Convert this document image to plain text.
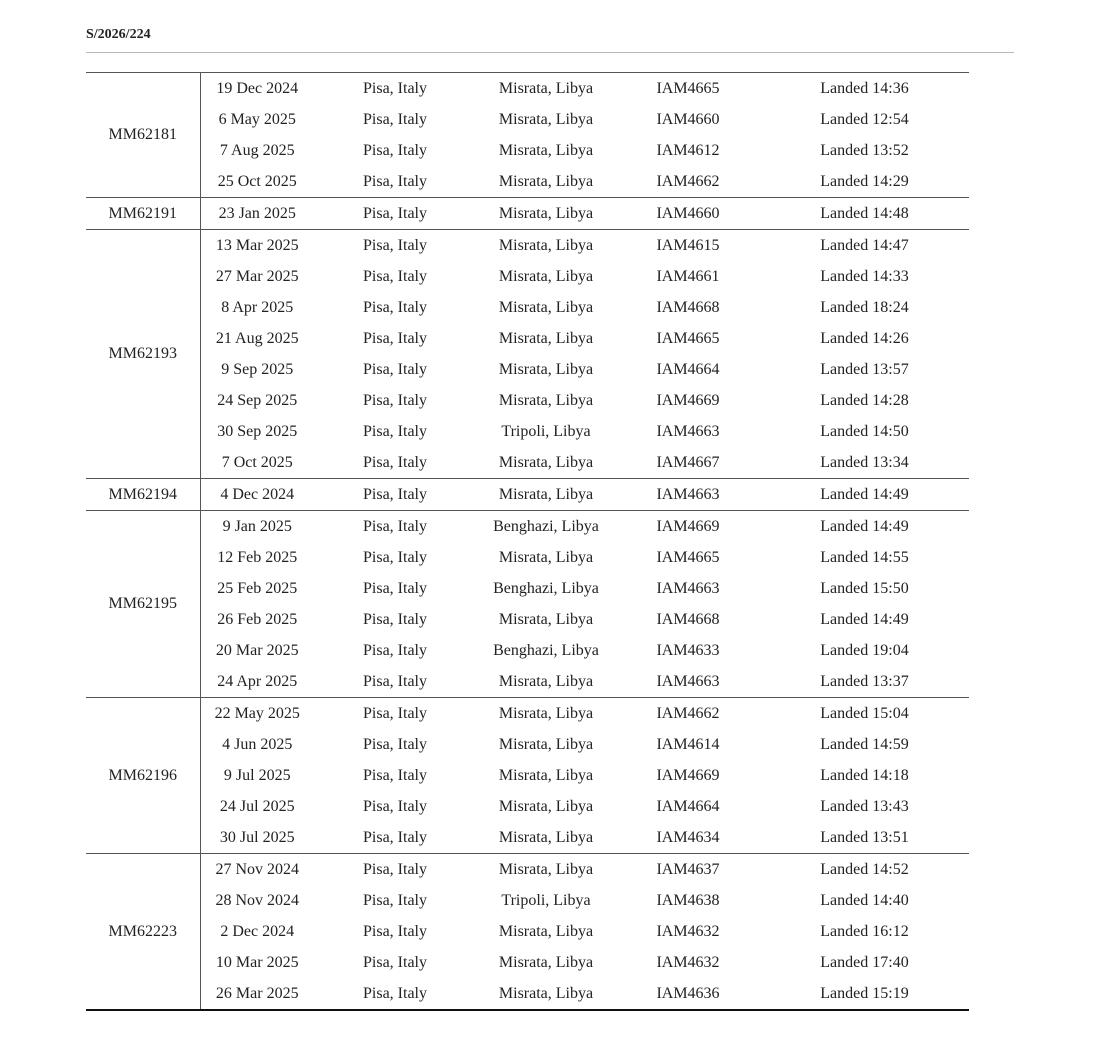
S/2026/224
MM62181	19 Dec 2024	Pisa, Italy	Misrata, Libya	IAM4665	Landed 14:36
	6 May 2025	Pisa, Italy	Misrata, Libya	IAM4660	Landed 12:54
	7 Aug 2025	Pisa, Italy	Misrata, Libya	IAM4612	Landed 13:52
	25 Oct 2025	Pisa, Italy	Misrata, Libya	IAM4662	Landed 14:29
MM62191	23 Jan 2025	Pisa, Italy	Misrata, Libya	IAM4660	Landed 14:48
MM62193	13 Mar 2025	Pisa, Italy	Misrata, Libya	IAM4615	Landed 14:47
	27 Mar 2025	Pisa, Italy	Misrata, Libya	IAM4661	Landed 14:33
	8 Apr 2025	Pisa, Italy	Misrata, Libya	IAM4668	Landed 18:24
	21 Aug 2025	Pisa, Italy	Misrata, Libya	IAM4665	Landed 14:26
	9 Sep 2025	Pisa, Italy	Misrata, Libya	IAM4664	Landed 13:57
	24 Sep 2025	Pisa, Italy	Misrata, Libya	IAM4669	Landed 14:28
	30 Sep 2025	Pisa, Italy	Tripoli, Libya	IAM4663	Landed 14:50
	7 Oct 2025	Pisa, Italy	Misrata, Libya	IAM4667	Landed 13:34
MM62194	4 Dec 2024	Pisa, Italy	Misrata, Libya	IAM4663	Landed 14:49
MM62195	9 Jan 2025	Pisa, Italy	Benghazi, Libya	IAM4669	Landed 14:49
	12 Feb 2025	Pisa, Italy	Misrata, Libya	IAM4665	Landed 14:55
	25 Feb 2025	Pisa, Italy	Benghazi, Libya	IAM4663	Landed 15:50
	26 Feb 2025	Pisa, Italy	Misrata, Libya	IAM4668	Landed 14:49
	20 Mar 2025	Pisa, Italy	Benghazi, Libya	IAM4633	Landed 19:04
	24 Apr 2025	Pisa, Italy	Misrata, Libya	IAM4663	Landed 13:37
MM62196	22 May 2025	Pisa, Italy	Misrata, Libya	IAM4662	Landed 15:04
	4 Jun 2025	Pisa, Italy	Misrata, Libya	IAM4614	Landed 14:59
	9 Jul 2025	Pisa, Italy	Misrata, Libya	IAM4669	Landed 14:18
	24 Jul 2025	Pisa, Italy	Misrata, Libya	IAM4664	Landed 13:43
	30 Jul 2025	Pisa, Italy	Misrata, Libya	IAM4634	Landed 13:51
MM62223	27 Nov 2024	Pisa, Italy	Misrata, Libya	IAM4637	Landed 14:52
	28 Nov 2024	Pisa, Italy	Tripoli, Libya	IAM4638	Landed 14:40
	2 Dec 2024	Pisa, Italy	Misrata, Libya	IAM4632	Landed 16:12
	10 Mar 2025	Pisa, Italy	Misrata, Libya	IAM4632	Landed 17:40
	26 Mar 2025	Pisa, Italy	Misrata, Libya	IAM4636	Landed 15:19
